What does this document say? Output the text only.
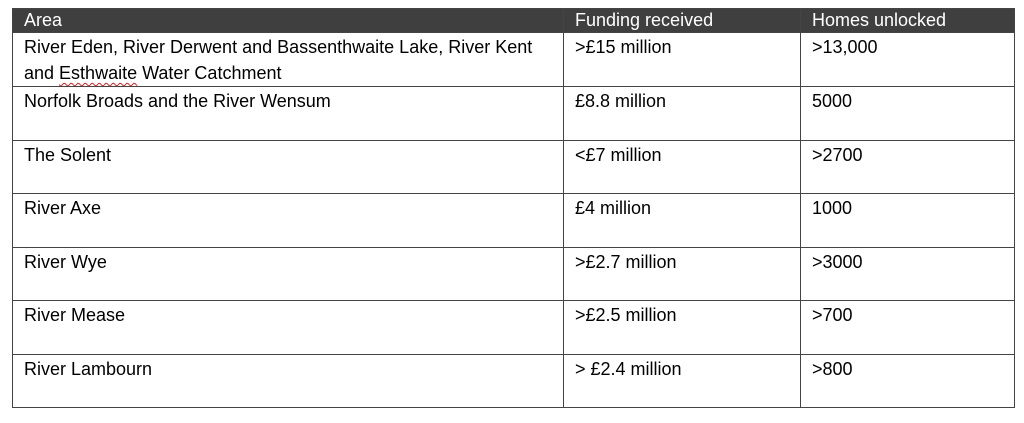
Area	Funding received	Homes unlocked
River Eden, River Derwent and Bassenthwaite Lake, River Kent and Esthwaite Water Catchment	>£15 million	>13,000
Norfolk Broads and the River Wensum	£8.8 million	5000
The Solent	<£7 million	>2700
River Axe	£4 million	1000
River Wye	>£2.7 million	>3000
River Mease	>£2.5 million	>700
River Lambourn	> £2.4 million	>800
